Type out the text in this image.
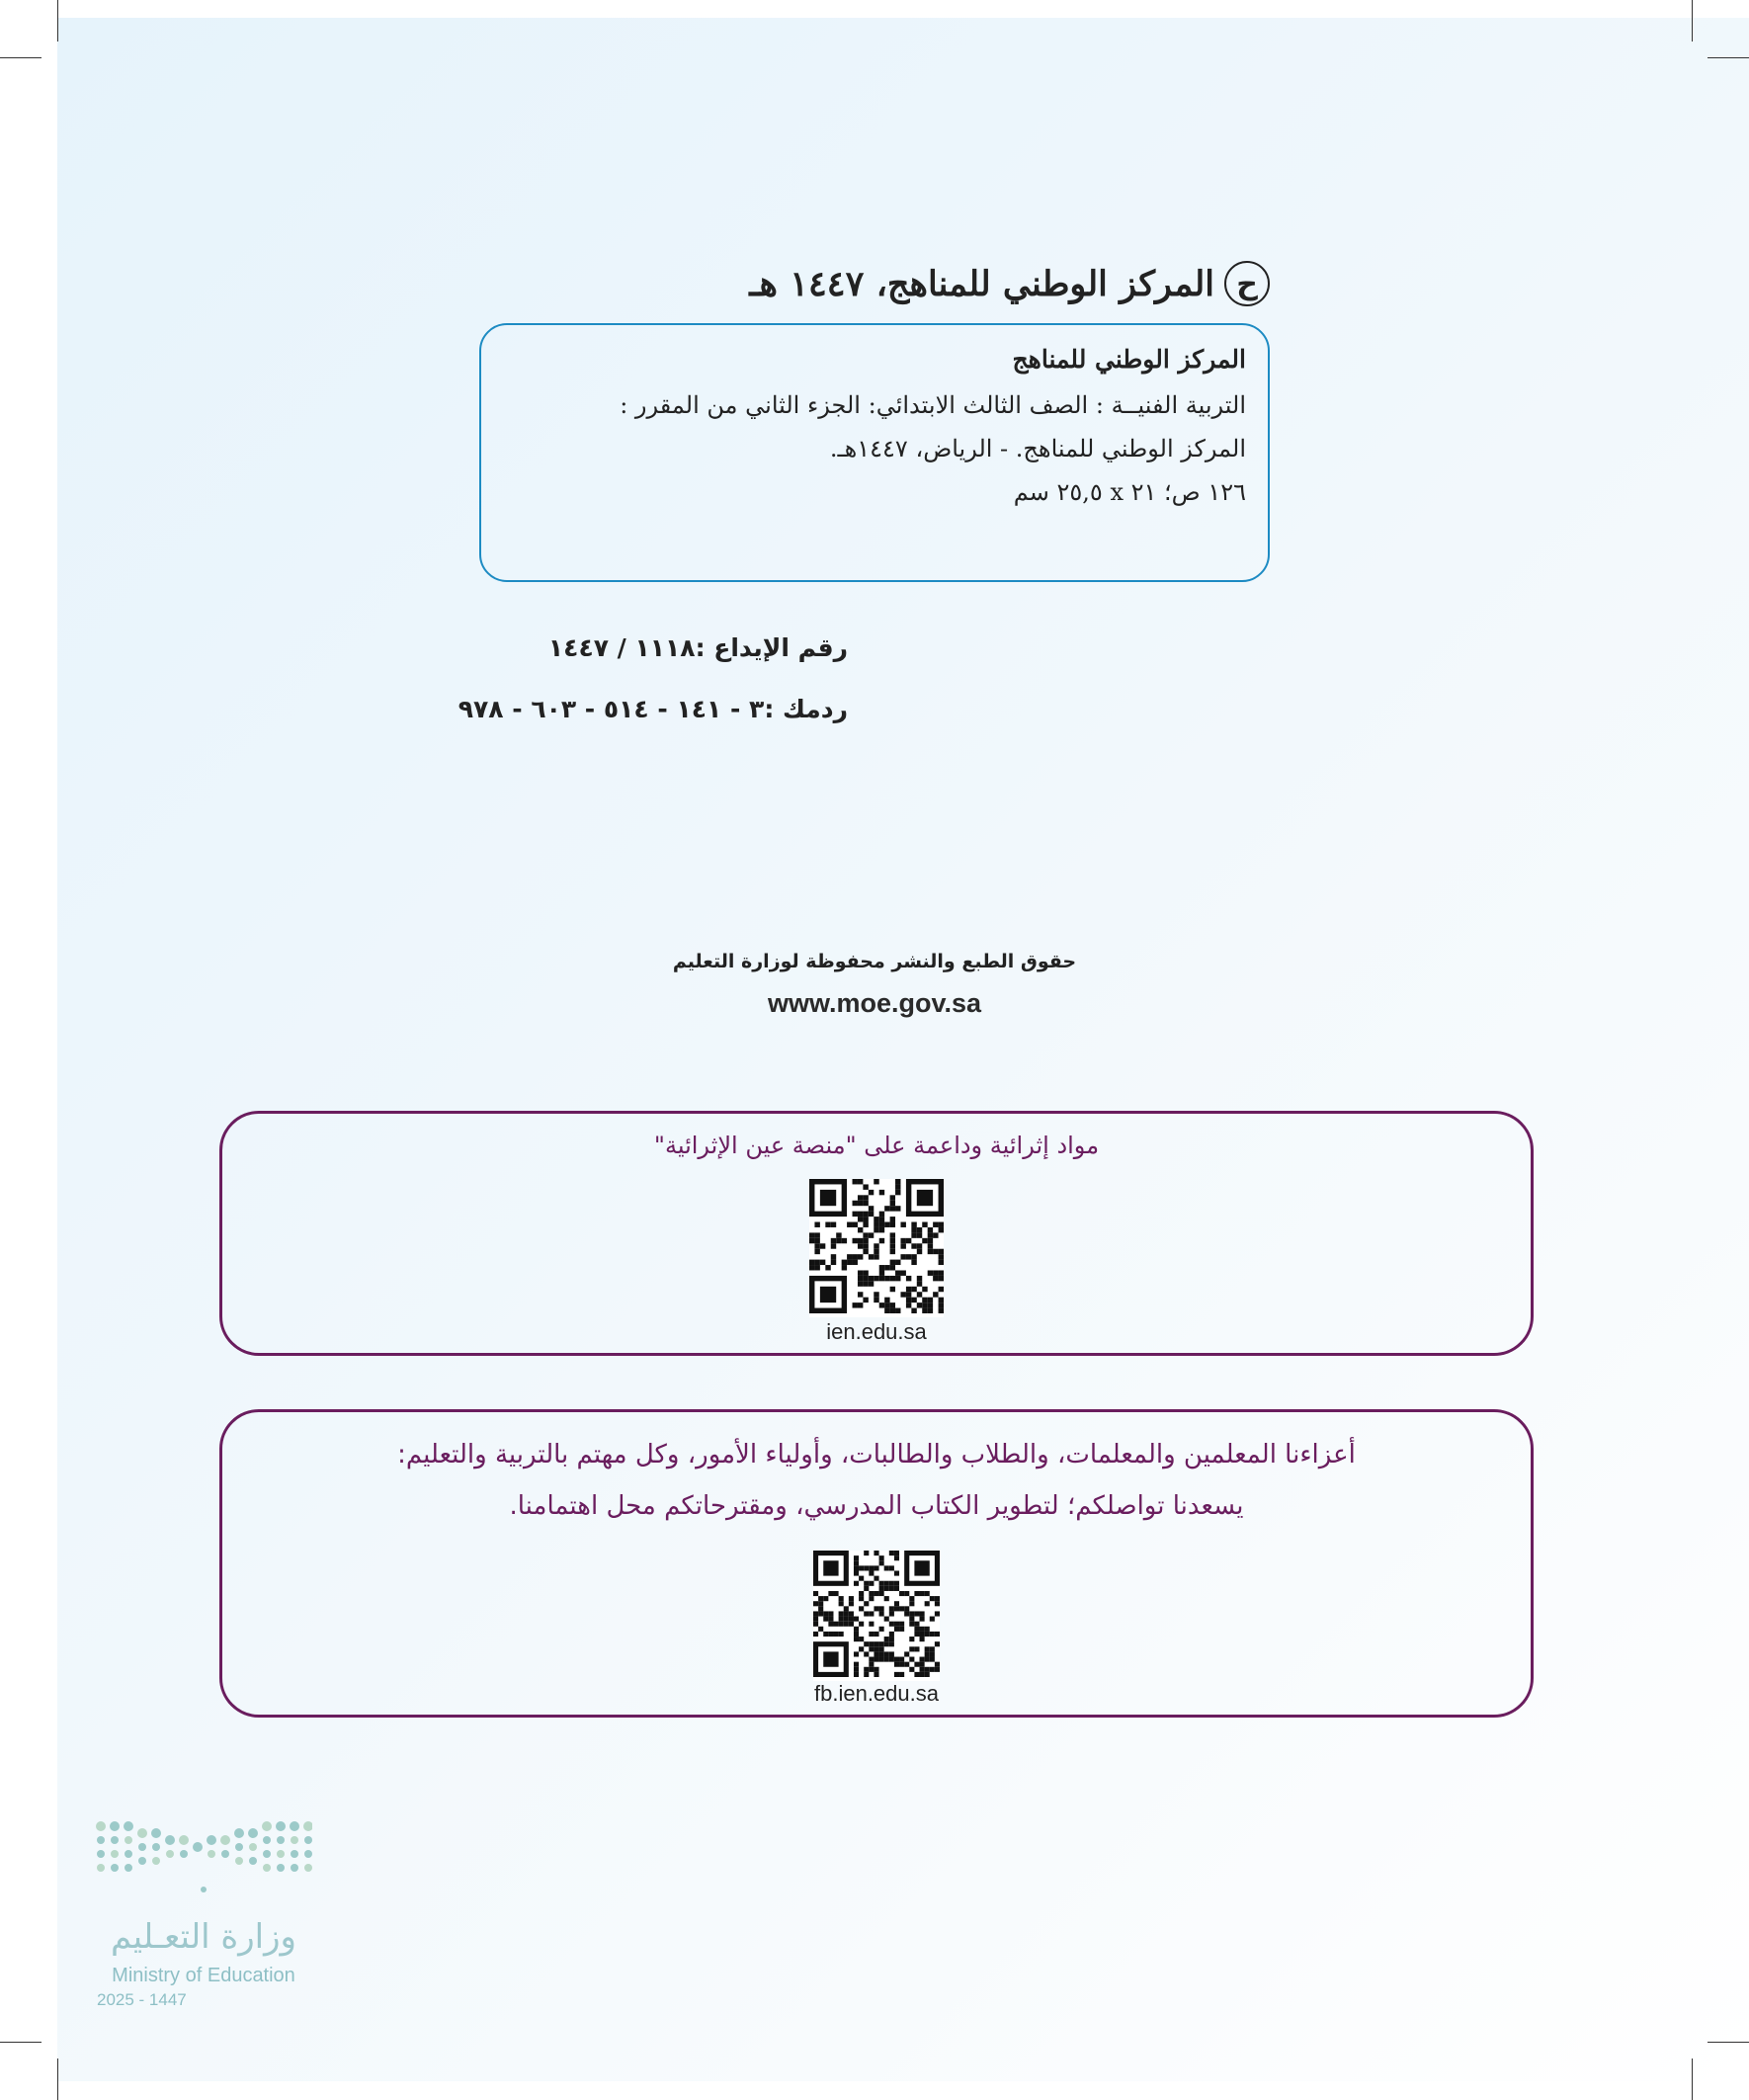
ح
المركز الوطني للمناهج، ١٤٤٧ هـ
المركز الوطني للمناهج
التربية الفنيــة : الصف الثالث الابتدائي: الجزء الثاني من المقرر :
المركز الوطني للمناهج. - الرياض، ١٤٤٧هـ.
١٢٦ ص؛ ٢١ x ٢٥,٥ سم
رقم الإيداع :١١١٨ / ١٤٤٧
ردمك :٣ - ١٤١ - ٥١٤ - ٦٠٣ - ٩٧٨
حقوق الطبع والنشر محفوظة لوزارة التعليم
www.moe.gov.sa
مواد إثرائية وداعمة على "منصة عين الإثرائية"
ien.edu.sa
أعزاءنا المعلمين والمعلمات، والطلاب والطالبات، وأولياء الأمور، وكل مهتم بالتربية والتعليم:
يسعدنا تواصلكم؛ لتطوير الكتاب المدرسي، ومقترحاتكم محل اهتمامنا.
fb.ien.edu.sa
وزارة التعـليم
Ministry of Education
2025 - 1447
